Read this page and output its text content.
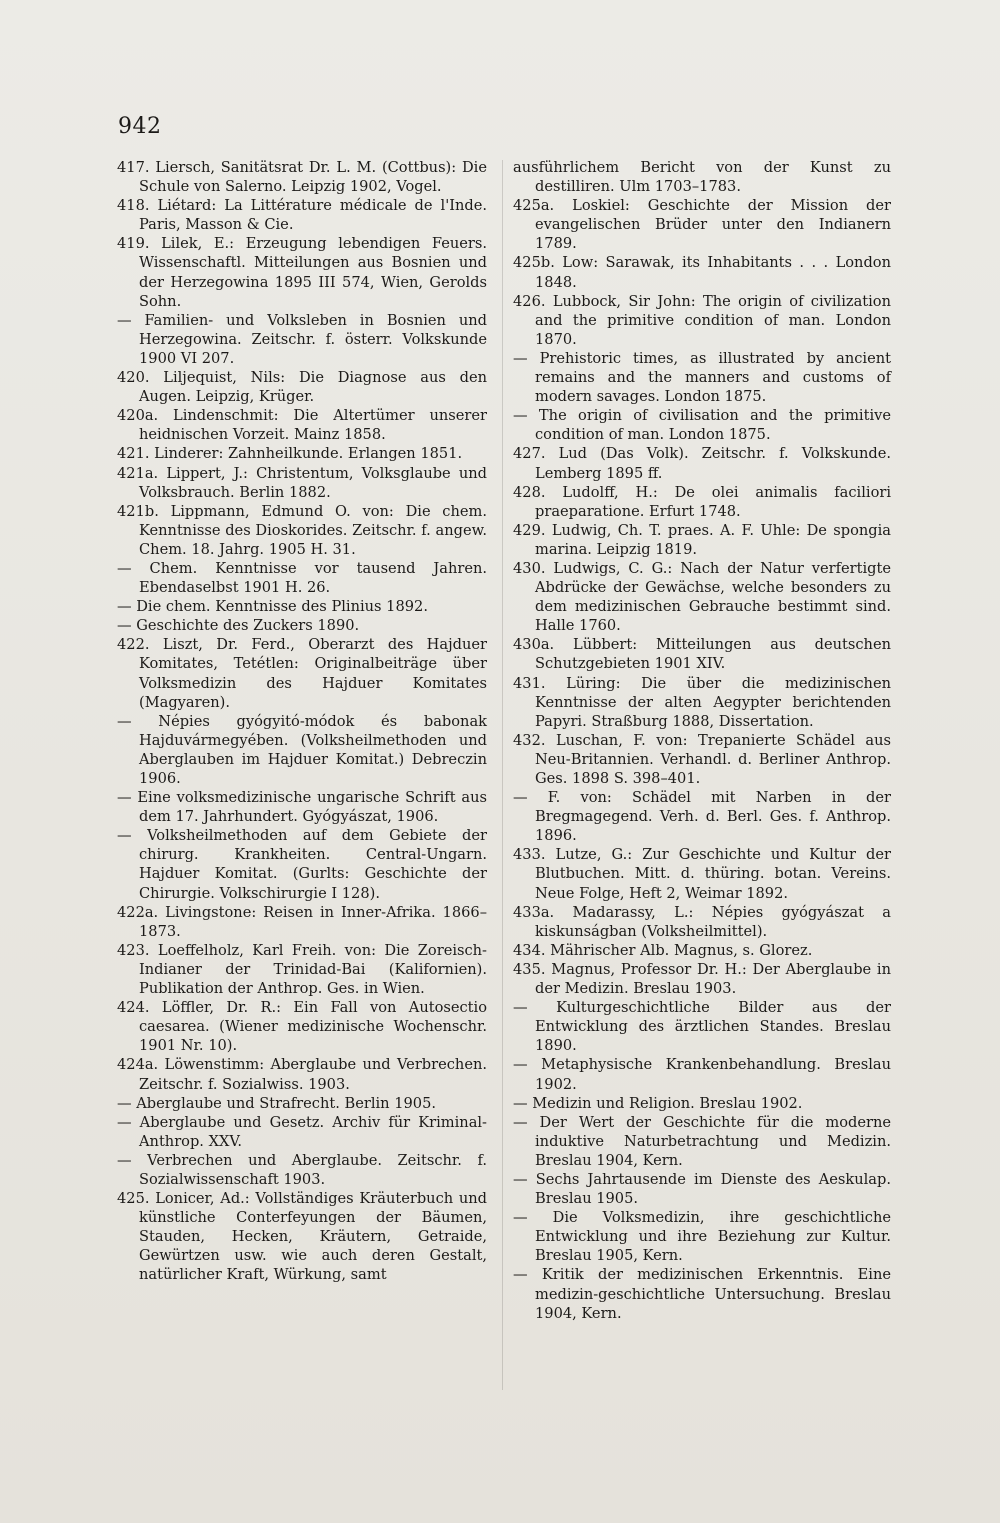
942

417. Liersch, Sanitätsrat Dr. L. M. (Cottbus): Die Schule von Salerno. Leipzig 1902, Vogel.

418. Liétard: La Littérature médicale de l'Inde. Paris, Masson & Cie.

419. Lilek, E.: Erzeugung lebendigen Feuers. Wissenschaftl. Mitteilungen aus Bosnien und der Herzegowina 1895 III 574, Wien, Gerolds Sohn.

— Familien- und Volksleben in Bosnien und Herzegowina. Zeitschr. f. österr. Volkskunde 1900 VI 207.

420. Liljequist, Nils: Die Diagnose aus den Augen. Leipzig, Krüger.

420a. Lindenschmit: Die Altertümer unserer heidnischen Vorzeit. Mainz 1858.

421. Linderer: Zahnheilkunde. Erlangen 1851.

421a. Lippert, J.: Christentum, Volksglaube und Volksbrauch. Berlin 1882.

421b. Lippmann, Edmund O. von: Die chem. Kenntnisse des Dioskorides. Zeitschr. f. angew. Chem. 18. Jahrg. 1905 H. 31.

— Chem. Kenntnisse vor tausend Jahren. Ebendaselbst 1901 H. 26.

— Die chem. Kenntnisse des Plinius 1892.

— Geschichte des Zuckers 1890.

422. Liszt, Dr. Ferd., Oberarzt des Hajduer Komitates, Tetétlen: Originalbeiträge über Volksmedizin des Hajduer Komitates (Magyaren).

— Népies gyógyitó-módok és babonak Hajduvármegyében. (Volksheilmethoden und Aberglauben im Hajduer Komitat.) Debreczin 1906.

— Eine volksmedizinische ungarische Schrift aus dem 17. Jahrhundert. Gyógyászat, 1906.

— Volksheilmethoden auf dem Gebiete der chirurg. Krankheiten. Central-Ungarn. Hajduer Komitat. (Gurlts: Geschichte der Chirurgie. Volkschirurgie I 128).

422a. Livingstone: Reisen in Inner-Afrika. 1866–1873.

423. Loeffelholz, Karl Freih. von: Die Zoreisch-Indianer der Trinidad-Bai (Kalifornien). Publikation der Anthrop. Ges. in Wien.

424. Löffler, Dr. R.: Ein Fall von Autosectio caesarea. (Wiener medizinische Wochenschr. 1901 Nr. 10).

424a. Löwenstimm: Aberglaube und Verbrechen. Zeitschr. f. Sozialwiss. 1903.

— Aberglaube und Strafrecht. Berlin 1905.

— Aberglaube und Gesetz. Archiv für Kriminal-Anthrop. XXV.

— Verbrechen und Aberglaube. Zeitschr. f. Sozialwissenschaft 1903.

425. Lonicer, Ad.: Vollständiges Kräuterbuch und künstliche Conterfeyungen der Bäumen, Stauden, Hecken, Kräutern, Getraide, Gewürtzen usw. wie auch deren Gestalt, natürlicher Kraft, Würkung, samt

ausführlichem Bericht von der Kunst zu destilliren. Ulm 1703–1783.

425a. Loskiel: Geschichte der Mission der evangelischen Brüder unter den Indianern 1789.

425b. Low: Sarawak, its Inhabitants . . . London 1848.

426. Lubbock, Sir John: The origin of civilization and the primitive condition of man. London 1870.

— Prehistoric times, as illustrated by ancient remains and the manners and customs of modern savages. London 1875.

— The origin of civilisation and the primitive condition of man. London 1875.

427. Lud (Das Volk). Zeitschr. f. Volkskunde. Lemberg 1895 ff.

428. Ludolff, H.: De olei animalis faciliori praeparatione. Erfurt 1748.

429. Ludwig, Ch. T. praes. A. F. Uhle: De spongia marina. Leipzig 1819.

430. Ludwigs, C. G.: Nach der Natur verfertigte Abdrücke der Gewächse, welche besonders zu dem medizinischen Gebrauche bestimmt sind. Halle 1760.

430a. Lübbert: Mitteilungen aus deutschen Schutzgebieten 1901 XIV.

431. Lüring: Die über die medizinischen Kenntnisse der alten Aegypter berichtenden Papyri. Straßburg 1888, Dissertation.

432. Luschan, F. von: Trepanierte Schädel aus Neu-Britannien. Verhandl. d. Berliner Anthrop. Ges. 1898 S. 398–401.

— F. von: Schädel mit Narben in der Bregmagegend. Verh. d. Berl. Ges. f. Anthrop. 1896.

433. Lutze, G.: Zur Geschichte und Kultur der Blutbuchen. Mitt. d. thüring. botan. Vereins. Neue Folge, Heft 2, Weimar 1892.

433a. Madarassy, L.: Népies gyógyászat a kiskunságban (Volksheilmittel).

434. Mährischer Alb. Magnus, s. Glorez.

435. Magnus, Professor Dr. H.: Der Aberglaube in der Medizin. Breslau 1903.

— Kulturgeschichtliche Bilder aus der Entwicklung des ärztlichen Standes. Breslau 1890.

— Metaphysische Krankenbehandlung. Breslau 1902.

— Medizin und Religion. Breslau 1902.

— Der Wert der Geschichte für die moderne induktive Naturbetrachtung und Medizin. Breslau 1904, Kern.

— Sechs Jahrtausende im Dienste des Aeskulap. Breslau 1905.

— Die Volksmedizin, ihre geschichtliche Entwicklung und ihre Beziehung zur Kultur. Breslau 1905, Kern.

— Kritik der medizinischen Erkenntnis. Eine medizin-geschichtliche Untersuchung. Breslau 1904, Kern.
